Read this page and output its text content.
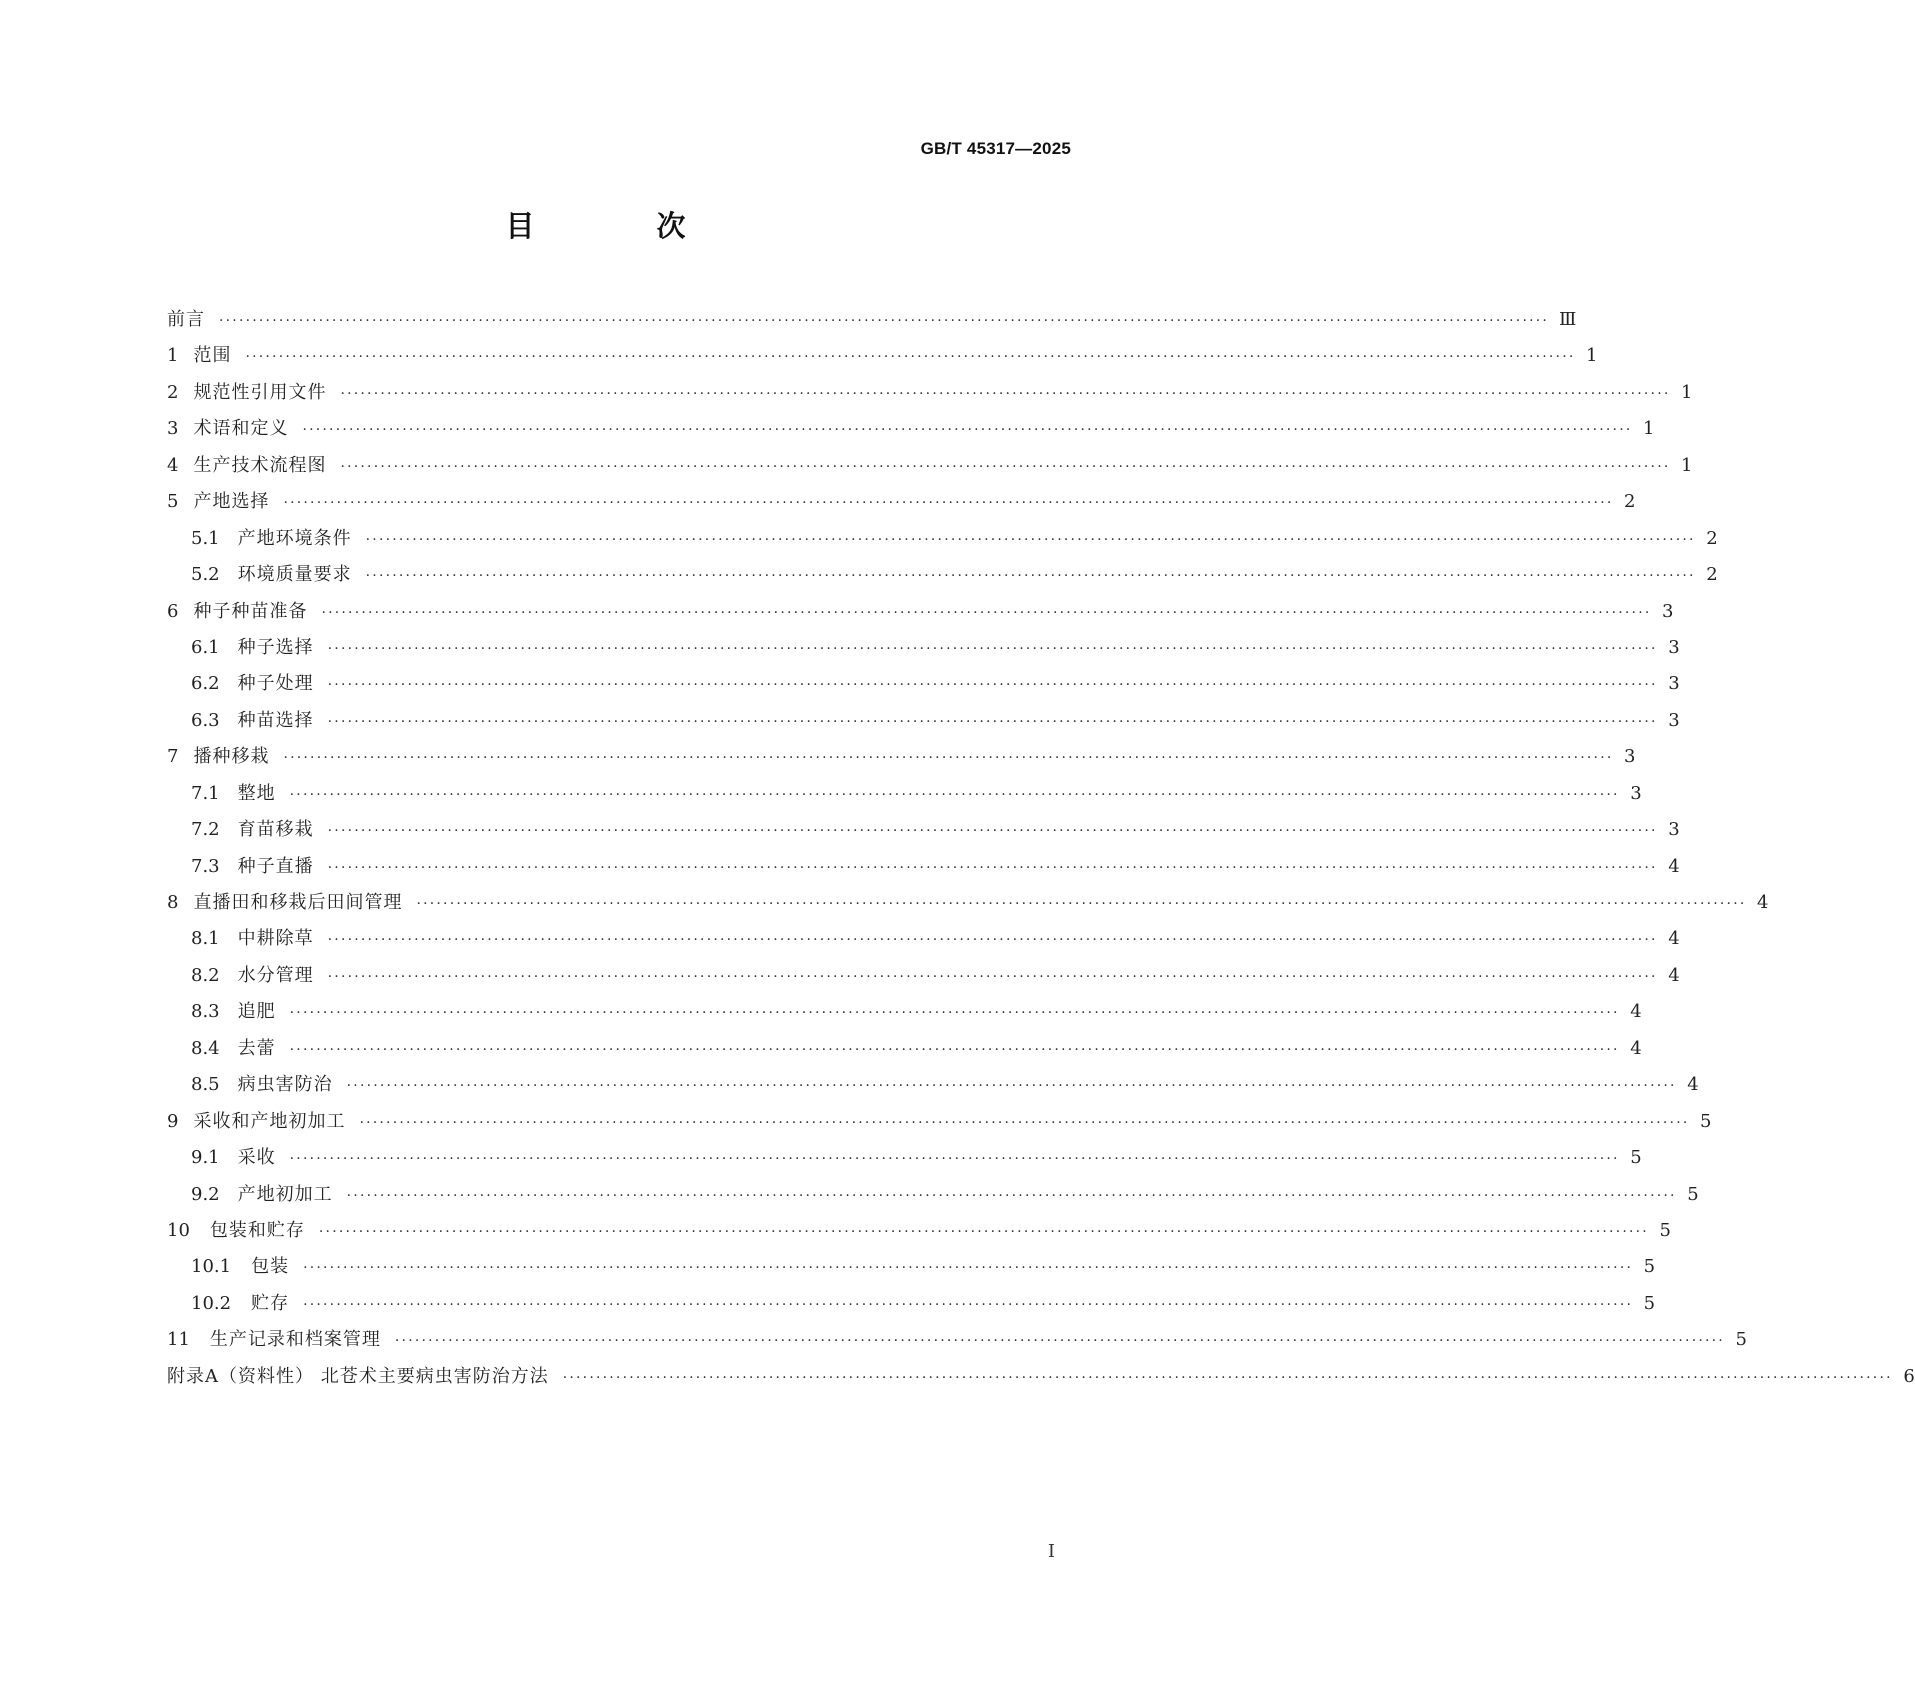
GB/T 45317—2025
目 次
前言 ········································································································································································································ Ⅲ
1 范围 ········································································································································································································ 1
2 规范性引用文件 ········································································································································································································ 1
3 术语和定义 ········································································································································································································ 1
4 生产技术流程图 ········································································································································································································ 1
5 产地选择 ········································································································································································································ 2
5.1 产地环境条件 ········································································································································································································ 2
5.2 环境质量要求 ········································································································································································································ 2
6 种子种苗准备 ········································································································································································································ 3
6.1 种子选择 ········································································································································································································ 3
6.2 种子处理 ········································································································································································································ 3
6.3 种苗选择 ········································································································································································································ 3
7 播种移栽 ········································································································································································································ 3
7.1 整地 ········································································································································································································ 3
7.2 育苗移栽 ········································································································································································································ 3
7.3 种子直播 ········································································································································································································ 4
8 直播田和移栽后田间管理 ········································································································································································································ 4
8.1 中耕除草 ········································································································································································································ 4
8.2 水分管理 ········································································································································································································ 4
8.3 追肥 ········································································································································································································ 4
8.4 去蕾 ········································································································································································································ 4
8.5 病虫害防治 ········································································································································································································ 4
9 采收和产地初加工 ········································································································································································································ 5
9.1 采收 ········································································································································································································ 5
9.2 产地初加工 ········································································································································································································ 5
10 包装和贮存 ········································································································································································································ 5
10.1 包装 ········································································································································································································ 5
10.2 贮存 ········································································································································································································ 5
11 生产记录和档案管理 ········································································································································································································ 5
附录A（资料性） 北苍术主要病虫害防治方法 ········································································································································································································ 6
Ⅰ
